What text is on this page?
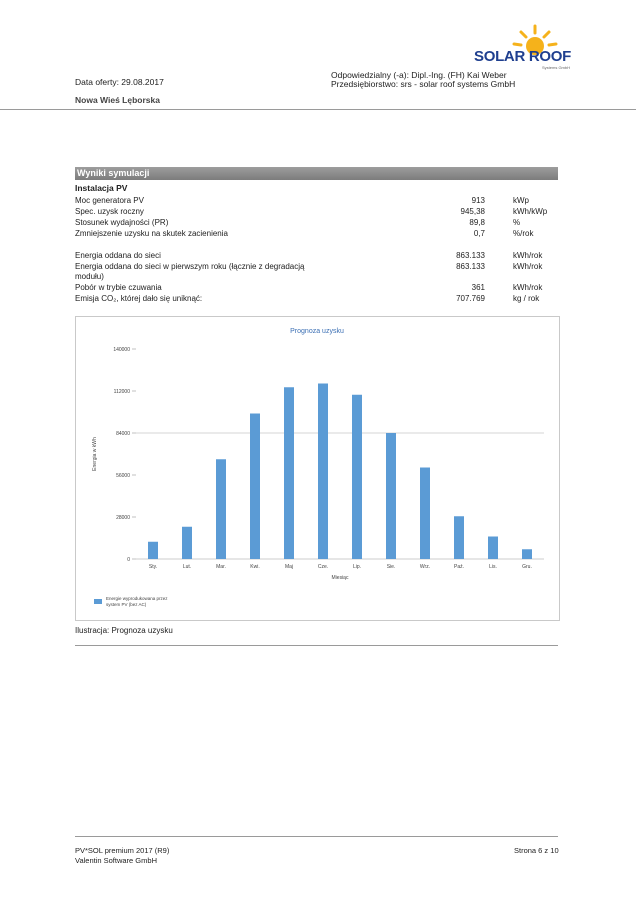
SOLAR ROOF
Systems GmbH
Odpowiedzialny (-a): Dipl.-Ing. (FH) Kai Weber
Przedsiębiorstwo: srs - solar roof systems GmbH
Data oferty: 29.08.2017
Nowa Wieś Lęborska
Wyniki symulacji
Instalacja PV
Moc generatora PV	913	kWp
Spec. uzysk roczny	945,38	kWh/kWp
Stosunek wydajności (PR)	89,8	%
Zmniejszenie uzysku na skutek zacienienia	0,7	%/rok
Energia oddana do sieci	863.133	kWh/rok
Energia oddana do sieci w pierwszym roku (łącznie z degradacją modułu)
863.133	kWh/rok
Pobór w trybie czuwania	361	kWh/rok
Emisja CO₂, której dało się uniknąć:	707.769	kg / rok
Prognoza uzysku
0
28000
56000
84000
112000
140000
Energia w kWh
Sty.	Lut.	Mar.	Kwi.	Maj	Cze.	Lip.	Sie.	Wrz.	Paź.	Lis.	Gru.
Miesiąc
Energie wyprodukowana przez
system PV (bez AC)
Ilustracja: Prognoza uzysku
PV*SOL premium 2017 (R9)
Valentin Software GmbH
Strona 6 z 10
